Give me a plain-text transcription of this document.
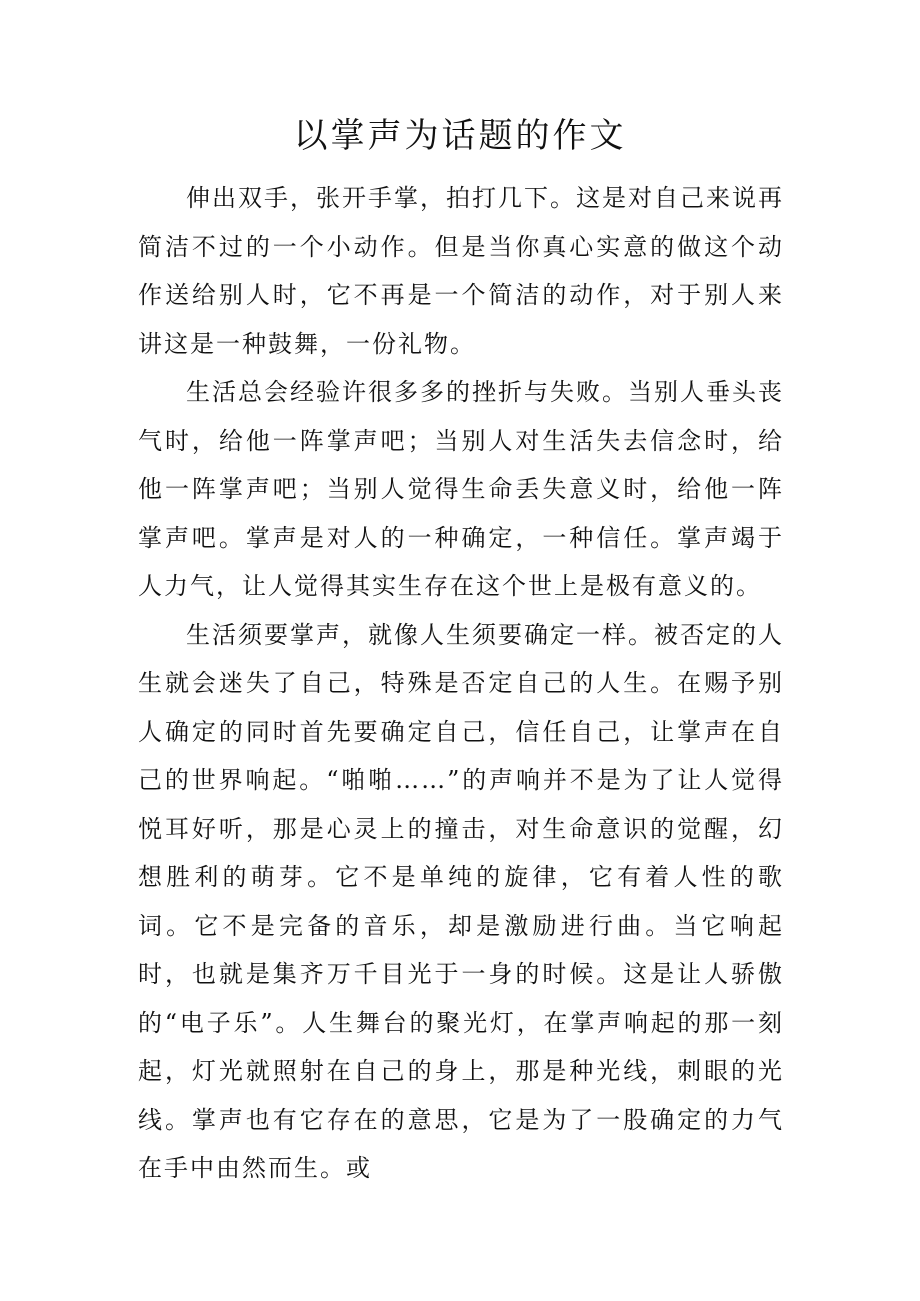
以掌声为话题的作文

伸出双手，张开手掌，拍打几下。这是对自己来说再简洁不过的一个小动作。但是当你真心实意的做这个动作送给别人时，它不再是一个简洁的动作，对于别人来讲这是一种鼓舞，一份礼物。

生活总会经验许很多多的挫折与失败。当别人垂头丧气时，给他一阵掌声吧；当别人对生活失去信念时，给他一阵掌声吧；当别人觉得生命丢失意义时，给他一阵掌声吧。掌声是对人的一种确定，一种信任。掌声竭于人力气，让人觉得其实生存在这个世上是极有意义的。

生活须要掌声，就像人生须要确定一样。被否定的人生就会迷失了自己，特殊是否定自己的人生。在赐予别人确定的同时首先要确定自己，信任自己，让掌声在自己的世界响起。“啪啪……”的声响并不是为了让人觉得悦耳好听，那是心灵上的撞击，对生命意识的觉醒，幻想胜利的萌芽。它不是单纯的旋律，它有着人性的歌词。它不是完备的音乐，却是激励进行曲。当它响起时，也就是集齐万千目光于一身的时候。这是让人骄傲的“电子乐”。人生舞台的聚光灯，在掌声响起的那一刻起，灯光就照射在自己的身上，那是种光线，刺眼的光线。掌声也有它存在的意思，它是为了一股确定的力气在手中由然而生。或
